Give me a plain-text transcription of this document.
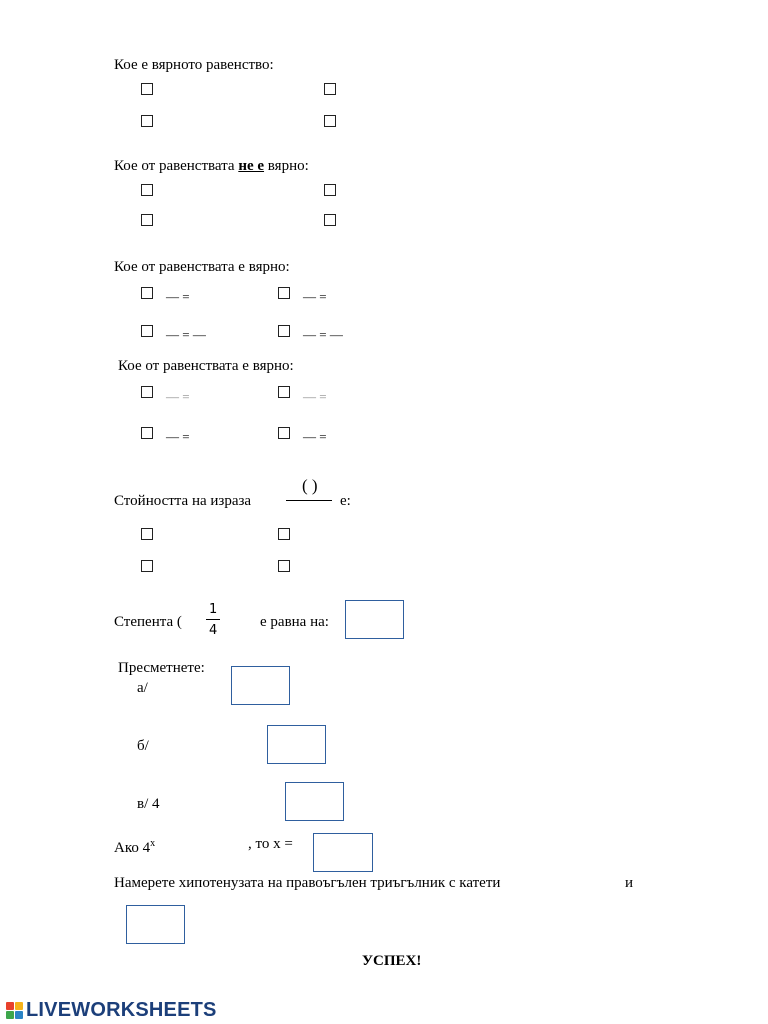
Кое е вярното равенство:
Кое от равенствата не е вярно:
Кое от равенствата е вярно:
— =	— =
— = —	— = —
Кое от равенствата е вярно:
— =	— =
— =	— =
Стойността на израза
( )
е:
Степента (
1
4
е равна на:
Пресметнете:
а/
б/
в/ 4
Ако 4$^x$	, то x =
Намерете хипотенузата на правоъгълен триъгълник с катети	и
УСПЕХ!
LIVEWORKSHEETS
